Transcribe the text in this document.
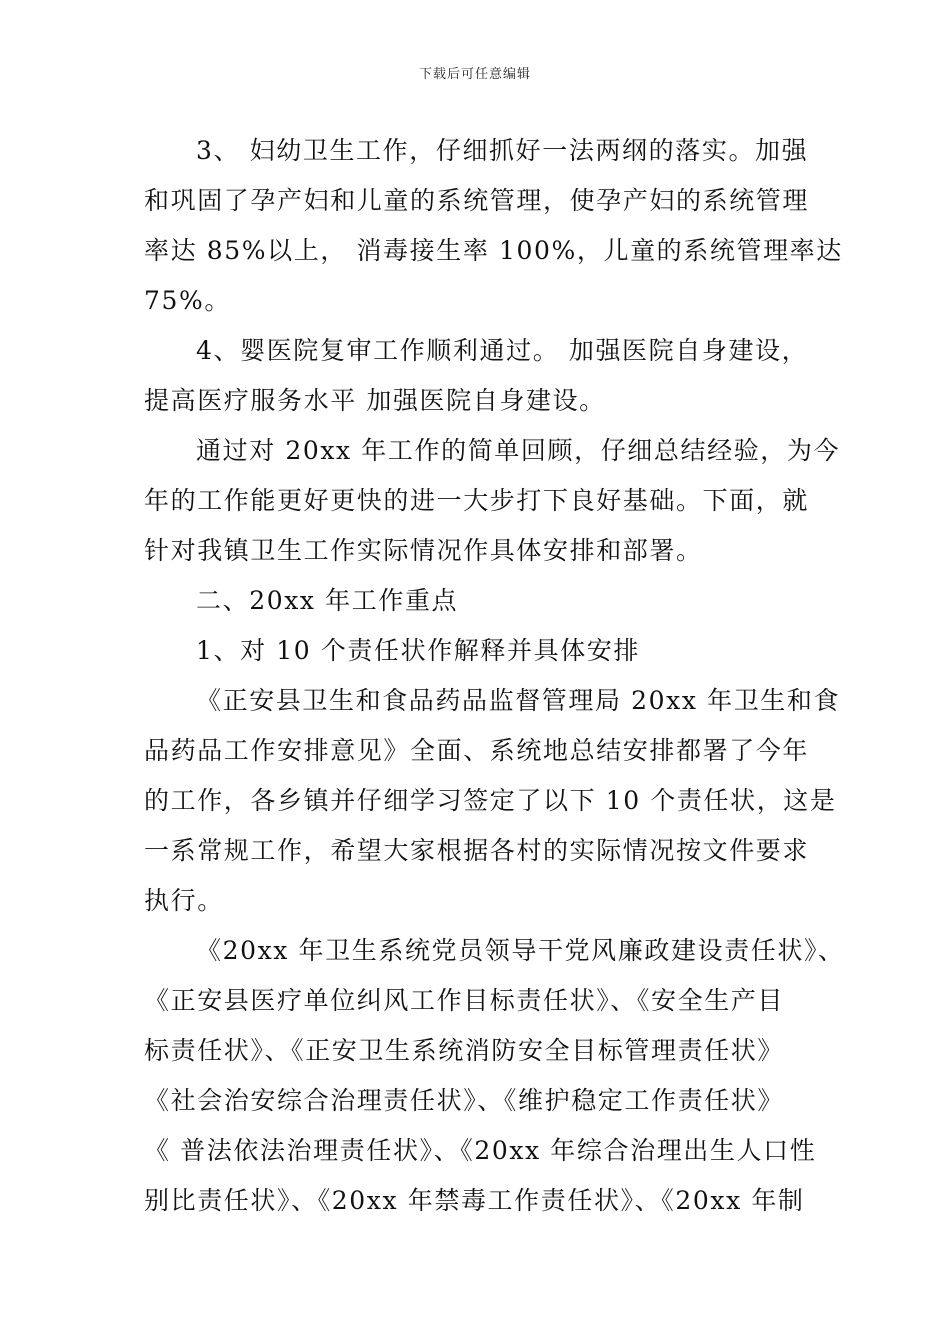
下载后可任意编辑
3、 妇幼卫生工作，仔细抓好一法两纲的落实。加强
和巩固了孕产妇和儿童的系统管理，使孕产妇的系统管理
率达 85%以上， 消毒接生率 100%，儿童的系统管理率达
75%。
4、婴医院复审工作顺利通过。 加强医院自身建设，
提高医疗服务水平 加强医院自身建设。
通过对 20xx 年工作的简单回顾，仔细总结经验，为今
年的工作能更好更快的进一大步打下良好基础。下面，就
针对我镇卫生工作实际情况作具体安排和部署。
二、20xx 年工作重点
1、对 10 个责任状作解释并具体安排
《正安县卫生和食品药品监督管理局 20xx 年卫生和食
品药品工作安排意见》全面、系统地总结安排都署了今年
的工作，各乡镇并仔细学习签定了以下 10 个责任状，这是
一系常规工作，希望大家根据各村的实际情况按文件要求
执行。
《20xx 年卫生系统党员领导干党风廉政建设责任状》、
《正安县医疗单位纠风工作目标责任状》、《安全生产目
标责任状》、《正安卫生系统消防安全目标管理责任状》
《社会治安综合治理责任状》、《维护稳定工作责任状》
《 普法依法治理责任状》、《20xx 年综合治理出生人口性
别比责任状》、《20xx 年禁毒工作责任状》、《20xx 年制
